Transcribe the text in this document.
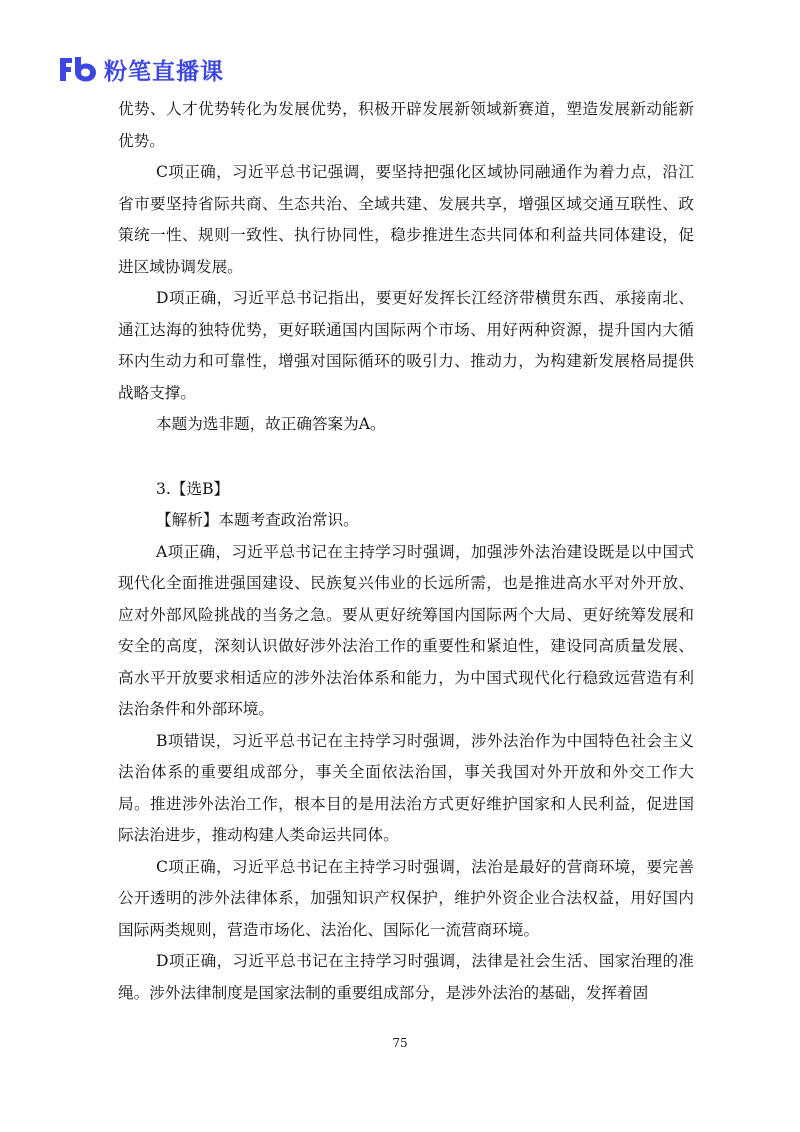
粉笔直播课

优势、人才优势转化为发展优势，积极开辟发展新领域新赛道，塑造发展新动能新优势。

C项正确，习近平总书记强调，要坚持把强化区域协同融通作为着力点，沿江省市要坚持省际共商、生态共治、全域共建、发展共享，增强区域交通互联性、政策统一性、规则一致性、执行协同性，稳步推进生态共同体和利益共同体建设，促进区域协调发展。

D项正确，习近平总书记指出，要更好发挥长江经济带横贯东西、承接南北、通江达海的独特优势，更好联通国内国际两个市场、用好两种资源，提升国内大循环内生动力和可靠性，增强对国际循环的吸引力、推动力，为构建新发展格局提供战略支撑。

本题为选非题，故正确答案为A。

3.【选B】

【解析】本题考查政治常识。

A项正确，习近平总书记在主持学习时强调，加强涉外法治建设既是以中国式现代化全面推进强国建设、民族复兴伟业的长远所需，也是推进高水平对外开放、应对外部风险挑战的当务之急。要从更好统筹国内国际两个大局、更好统筹发展和安全的高度，深刻认识做好涉外法治工作的重要性和紧迫性，建设同高质量发展、高水平开放要求相适应的涉外法治体系和能力，为中国式现代化行稳致远营造有利法治条件和外部环境。

B项错误，习近平总书记在主持学习时强调，涉外法治作为中国特色社会主义法治体系的重要组成部分，事关全面依法治国，事关我国对外开放和外交工作大局。推进涉外法治工作，根本目的是用法治方式更好维护国家和人民利益，促进国际法治进步，推动构建人类命运共同体。

C项正确，习近平总书记在主持学习时强调，法治是最好的营商环境，要完善公开透明的涉外法律体系，加强知识产权保护，维护外资企业合法权益，用好国内国际两类规则，营造市场化、法治化、国际化一流营商环境。

D项正确，习近平总书记在主持学习时强调，法律是社会生活、国家治理的准绳。涉外法律制度是国家法制的重要组成部分，是涉外法治的基础，发挥着固

75
